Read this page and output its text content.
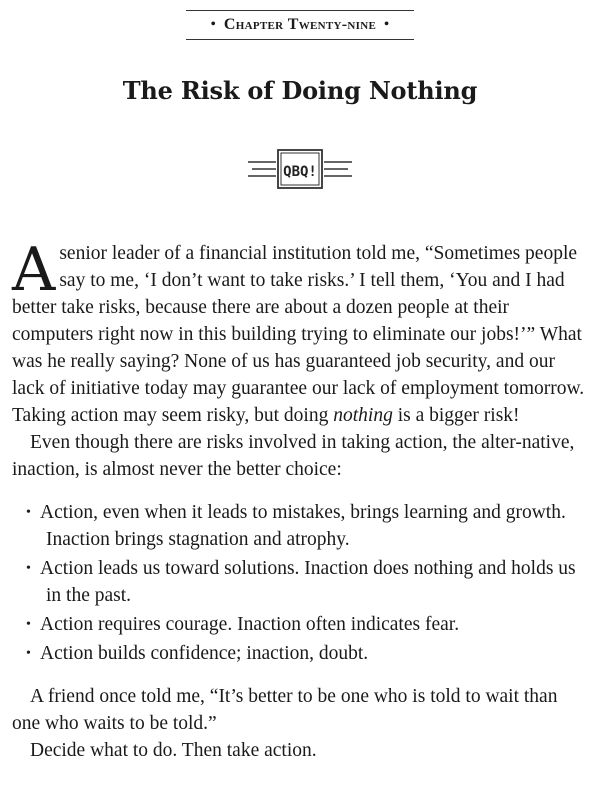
• Chapter Twenty-nine •
The Risk of Doing Nothing
QBQ!

A senior leader of a financial institution told me, “Sometimes people say to me, ‘I don’t want to take risks.’ I tell them, ‘You and I had better take risks, because there are about a dozen people at their computers right now in this building trying to eliminate our jobs!’” What was he really saying? None of us has guaranteed job security, and our lack of initiative today may guarantee our lack of employment tomorrow. Taking action may seem risky, but doing nothing is a bigger risk!

Even though there are risks involved in taking action, the alter-native, inaction, is almost never the better choice:

• Action, even when it leads to mistakes, brings learning and growth. Inaction brings stagnation and atrophy.
• Action leads us toward solutions. Inaction does nothing and holds us in the past.
• Action requires courage. Inaction often indicates fear.
• Action builds confidence; inaction, doubt.

A friend once told me, “It’s better to be one who is told to wait than one who waits to be told.”

Decide what to do. Then take action.
